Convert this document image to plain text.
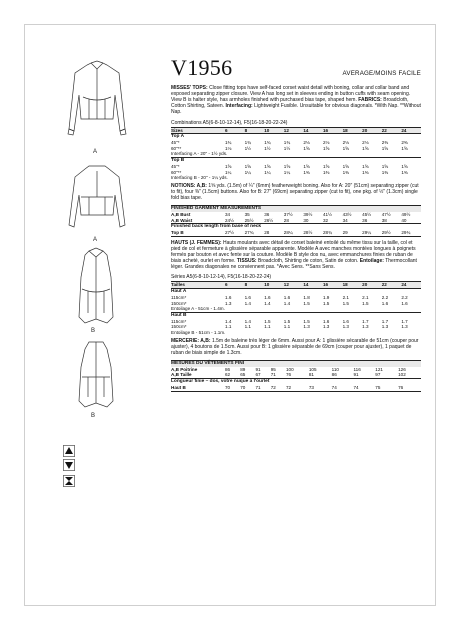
A
A
B
B
V1956	AVERAGE/MOINS FACILE

MISSES' TOPS: Close fitting tops have self-faced corset waist detail with boning, collar and collar band and exposed separating zipper closure. View A has long set in sleeves ending in button cuffs with seam opening. View B is halter style, has armholes finished with purchased bias tape, shaped hem. FABRICS: Broadcloth, Cotton Shirting, Sateen. Interfacing: Lightweight Fusible. Unsuitable for obvious diagonals. *With Nap. **Without Nap.

Combinations A5(6-8-10-12-14), F5(16-18-20-22-24)
Sizes	6	8	10	12	14	16	18	20	22	24
Top A										
45"*	1¾	1¾	1¾	1¾	2⅛	2⅛	2⅛	2⅛	2⅜	2⅜
60"**	1⅛	1½	1½	1½	1⅝	1⅝	1⅝	1⅝	1⅝	1⅝
Interfacing A - 20" - 1½ yds.										
Top B										
45"*	1⅝	1⅝	1⅝	1⅝	1⅝	1⅝	1⅝	1⅝	1⅝	1⅝
60"**	1¼	1¼	1¼	1¼	1⅜	1⅜	1⅜	1⅜	1⅜	1⅜
Interfacing B - 20" - 1¼ yds.										

NOTIONS: A,B: 1⅝ yds. (1.5m) of ¼" (6mm) featherweight boning. Also for A: 20" (51cm) separating zipper (cut to fit), four ⅜" (1.5cm) buttons. Also for B: 27" (69cm) separating zipper (cut to fit), one pkg. of ½" (1.3cm) single fold bias tape.

FINISHED GARMENT MEASUREMENTS
A,B Bust	34	35	36	37½	39½	41½	43½	45½	47½	49½
A,B Waist	24½	25½	26½	28	30	32	34	36	38	40
Finished back length from base of neck										
Top B	27½	27¾	28	28¼	28½	28¾	29	29¼	29½	29¾

HAUTS (J. FEMMES): Hauts moulants avec détail de corset baleiné entoilé du même tissu sur la taille, col et pied de col et fermeture à glissière séparable apparente. Modèle A avec manches montées longues à poignets fermés par bouton et avec fente sur la couture. Modèle B style dos nu, avec emmanchures finies de ruban de biais acheté, ourlet en forme. TISSUS: Broadcloth, Shirting de coton, Satin de coton. Entoilage: Thermocollant léger. Grandes diagonales ne conviennent pas. *Avec Sens. **Sans Sens.

Séries A5(6-8-10-12-14), F5(16-18-20-22-24)
Tailles	6	8	10	12	14	16	18	20	22	24
Haut A										
115cm*	1.6	1.6	1.6	1.6	1.8	1.9	2.1	2.1	2.2	2.2
150cm*	1.3	1.4	1.4	1.4	1.5	1.5	1.5	1.5	1.6	1.6
Entoilage A - 51cm - 1.4m.										
Haut B										
115cm*	1.4	1.4	1.5	1.5	1.5	1.6	1.6	1.7	1.7	1.7
150cm*	1.1	1.1	1.1	1.1	1.3	1.3	1.3	1.3	1.3	1.3
Entoilage B - 51cm - 1.1m.										

MERCERIE: A,B: 1.5m de baleine très léger de 6mm. Aussi pour A: 1 glissière sécarable de 51cm (couper pour ajuster), 4 boutons de 1.5cm. Aussi pour B: 1 glissière séparable de 69cm (couper pour ajuster), 1 paquet de ruban de biais simple de 1.3cm.

MESURES DU VÊTEMENTS FINI
A,B Poitrine	86	89	91	95	100	105	110	116	121	126
A,B Taille	62	65	67	71	76	81	86	91	97	102
Longueur finie – dos, votre nuque à l'ourlet										
Haut B	70	70	71	72	72	73	74	74	75	76
